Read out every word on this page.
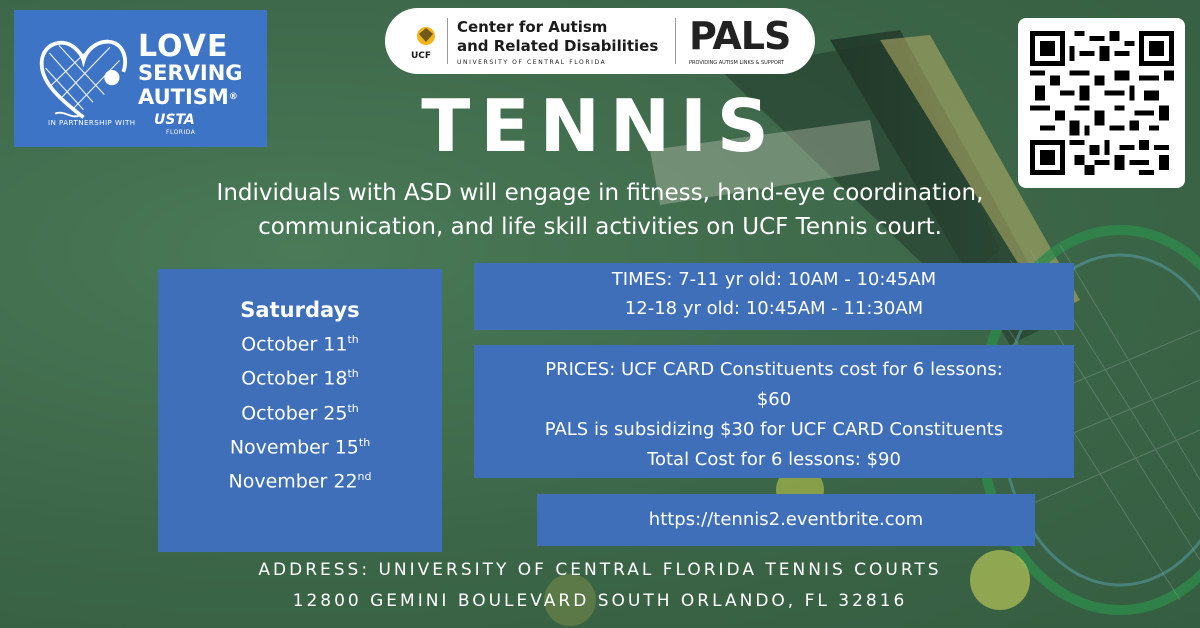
LOVE
SERVING
AUTISM®
IN PARTNERSHIP WITH USTA
FLORIDA
UCF
Center for Autism
and Related Disabilities
UNIVERSITY OF CENTRAL FLORIDA
PALS
PROVIDING AUTISM LINKS & SUPPORT
TENNIS
Individuals with ASD will engage in fitness, hand-eye coordination, communication, and life skill activities on UCF Tennis court.
Saturdays
October 11th
October 18th
October 25th
November 15th
November 22nd
TIMES: 7-11 yr old: 10AM - 10:45AM
12-18 yr old: 10:45AM - 11:30AM
PRICES: UCF CARD Constituents cost for 6 lessons:
$60
PALS is subsidizing $30 for UCF CARD Constituents
Total Cost for 6 lessons: $90
https://tennis2.eventbrite.com
ADDRESS: UNIVERSITY OF CENTRAL FLORIDA TENNIS COURTS
12800 GEMINI BOULEVARD SOUTH ORLANDO, FL 32816
